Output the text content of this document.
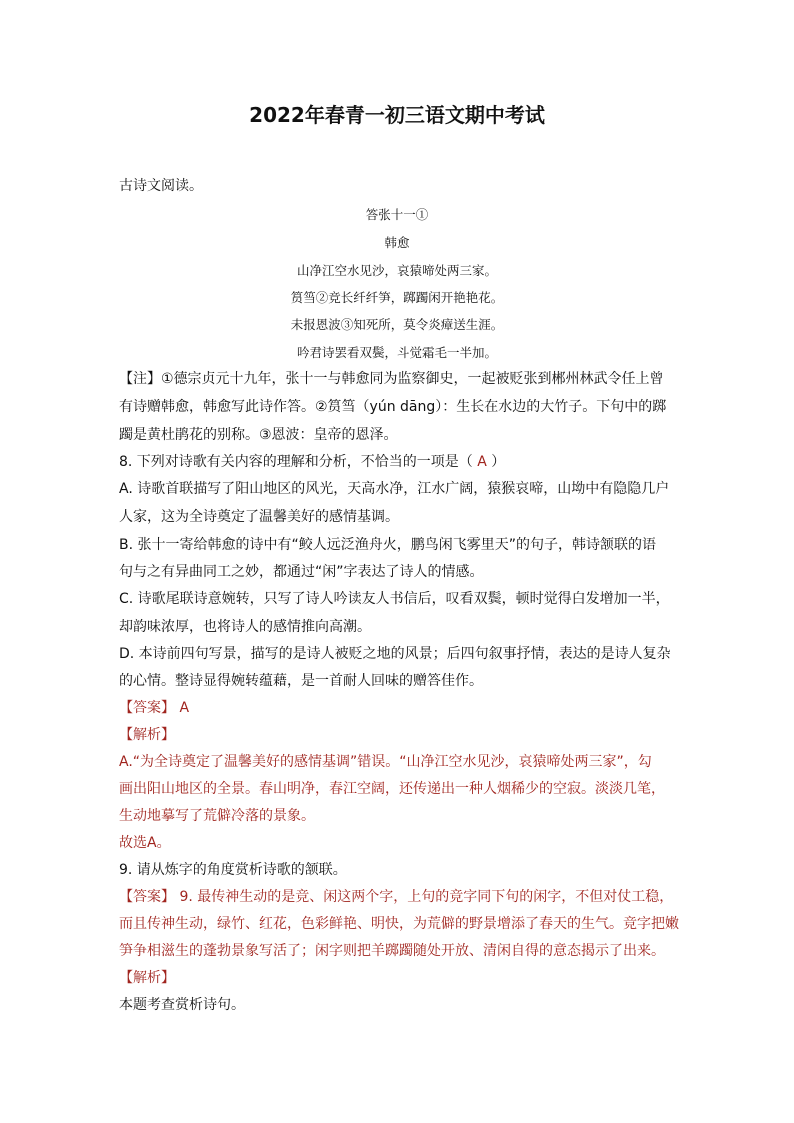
2022年春青一初三语文期中考试
古诗文阅读。
答张十一①
韩愈
山净江空水见沙，哀猿啼处两三家。
筼筜②竞长纤纤笋，踯躅闲开艳艳花。
未报恩波③知死所，莫令炎瘴送生涯。
吟君诗罢看双鬓，斗觉霜毛一半加。
【注】①德宗贞元十九年，张十一与韩愈同为监察御史，一起被贬张到郴州林武令任上曾
有诗赠韩愈，韩愈写此诗作答。②筼筜（yún dāng）：生长在水边的大竹子。下句中的踯
躅是黄杜鹃花的别称。③恩波：皇帝的恩泽。
8. 下列对诗歌有关内容的理解和分析，不恰当的一项是（ A ）
A. 诗歌首联描写了阳山地区的风光，天高水净，江水广阔，猿猴哀啼，山坳中有隐隐几户
人家，这为全诗奠定了温馨美好的感情基调。
B. 张十一寄给韩愈的诗中有“鲛人远泛渔舟火，鹏鸟闲飞雾里天”的句子，韩诗颔联的语
句与之有异曲同工之妙，都通过“闲”字表达了诗人的情感。
C. 诗歌尾联诗意婉转，只写了诗人吟读友人书信后，叹看双鬓，顿时觉得白发增加一半，
却韵味浓厚，也将诗人的感情推向高潮。
D. 本诗前四句写景，描写的是诗人被贬之地的风景；后四句叙事抒情，表达的是诗人复杂
的心情。整诗显得婉转蕴藉，是一首耐人回味的赠答佳作。
【答案】 A
【解析】
A.“为全诗奠定了温馨美好的感情基调”错误。“山净江空水见沙，哀猿啼处两三家”，勾
画出阳山地区的全景。春山明净，春江空阔，还传递出一种人烟稀少的空寂。淡淡几笔，
生动地摹写了荒僻冷落的景象。
故选A。
9. 请从炼字的角度赏析诗歌的颔联。
【答案】 9. 最传神生动的是竞、闲这两个字，上句的竞字同下句的闲字，不但对仗工稳，
而且传神生动，绿竹、红花，色彩鲜艳、明快，为荒僻的野景增添了春天的生气。竞字把嫩
笋争相滋生的蓬勃景象写活了；闲字则把羊踯躅随处开放、清闲自得的意态揭示了出来。
【解析】
本题考查赏析诗句。
